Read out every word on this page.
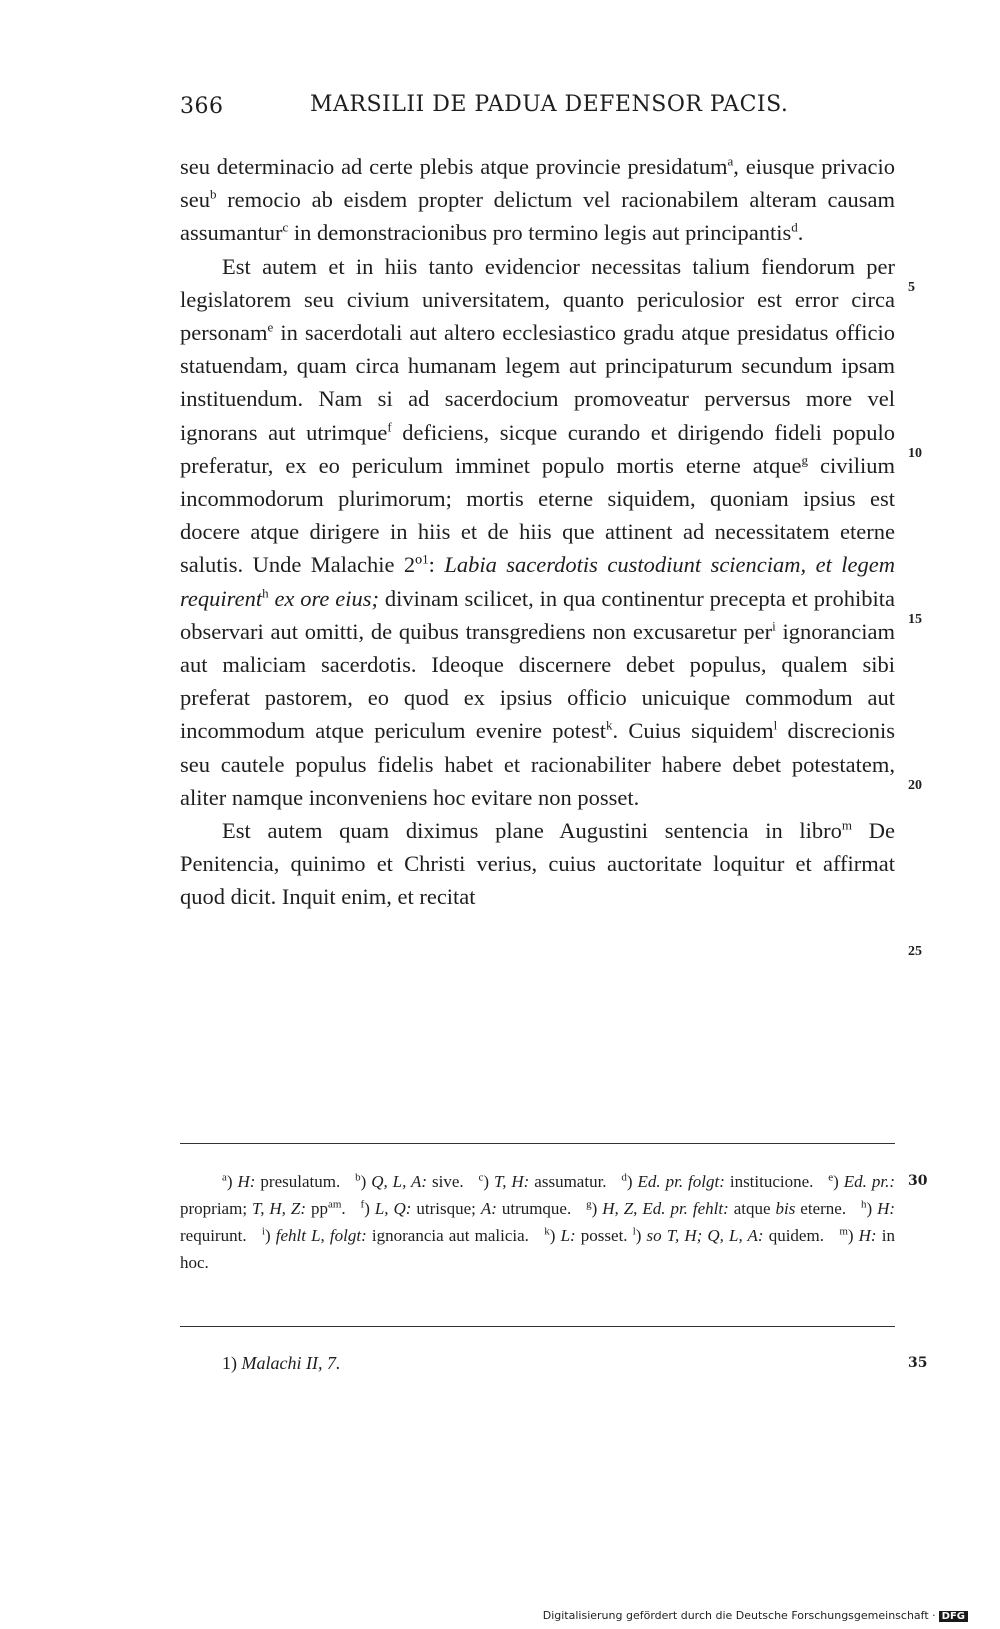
366	MARSILII DE PADUA DEFENSOR PACIS.

seu determinacio ad certe plebis atque provincie presidatum$^a$, eiusque privacio seu$^b$ remocio ab eisdem propter delictum vel racionabilem alteram causam assumantur$^c$ in demonstracionibus pro termino legis aut principantis$^d$.

Est autem et in hiis tanto evidencior necessitas talium fiendorum per legislatorem seu civium universitatem, quanto periculosior est error circa personam$^e$ in sacerdotali aut altero ecclesiastico gradu atque presidatus officio statuendam, quam circa humanam legem aut principaturum secundum ipsam instituendum. Nam si ad sacerdocium promoveatur perversus more vel ignorans aut utrimque$^f$ deficiens, sicque curando et dirigendo fideli populo preferatur, ex eo periculum imminet populo mortis eterne atque$^g$ civilium incommodorum plurimorum; mortis eterne siquidem, quoniam ipsius est docere atque dirigere in hiis et de hiis que attinent ad necessitatem eterne salutis. Unde Malachie 2º$^1$: Labia sacerdotis custodiunt scienciam, et legem requirent$^h$ ex ore eius; divinam scilicet, in qua continentur precepta et prohibita observari aut omitti, de quibus transgrediens non excusaretur per$^i$ ignoranciam aut maliciam sacerdotis. Ideoque discernere debet populus, qualem sibi preferat pastorem, eo quod ex ipsius officio unicuique commodum aut incommodum atque periculum evenire potest$^k$. Cuius siquidem$^l$ discrecionis seu cautele populus fidelis habet et racionabiliter habere debet potestatem, aliter namque inconveniens hoc evitare non posset.

Est autem quam diximus plane Augustini sentencia in libro$^m$ De Penitencia, quinimo et Christi verius, cuius auctoritate loquitur et affirmat quod dicit. Inquit enim, et recitat

5
10
15
20
25

$^a$) H: presulatum.   $^b$) Q, L, A: sive.   $^c$) T, H: assumatur.   $^d$) Ed. pr. folgt: institucione.   $^e$) Ed. pr.: propriam; T, H, Z: $pp^{am}$.   $^f$) L, Q: utrisque; A: utrumque.   $^g$) H, Z, Ed. pr. fehlt: atque bis eterne.   $^h$) H: requirunt.   $^i$) fehlt L, folgt: ignorancia aut malicia.   $^k$) L: posset. $^l$) so T, H; Q, L, A: quidem.   $^m$) H: in hoc.

30
1) Malachi II, 7.	35
Digitalisierung gefördert durch die Deutsche Forschungsgemeinschaft · DFG
